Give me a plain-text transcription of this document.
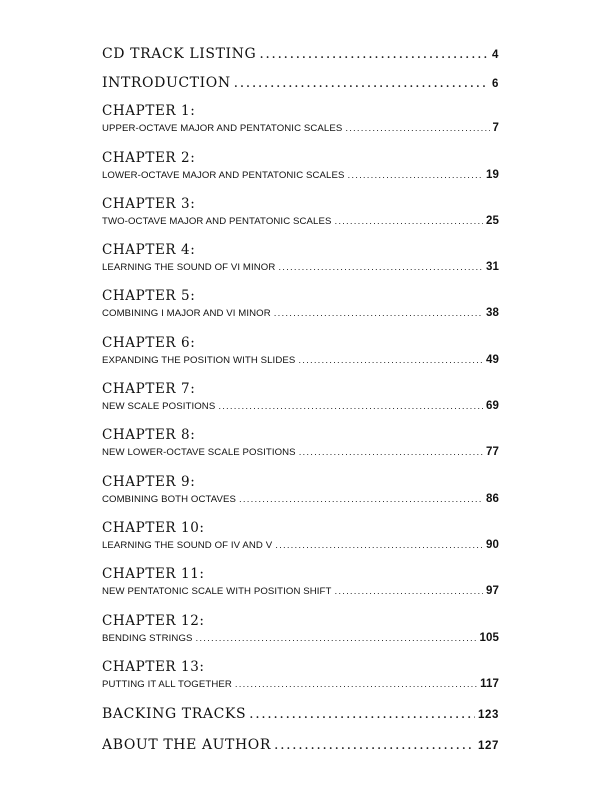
CD TRACK LISTING .....	4
INTRODUCTION .....	6
CHAPTER 1:
UPPER-OCTAVE MAJOR AND PENTATONIC SCALES .....	7
CHAPTER 2:
LOWER-OCTAVE MAJOR AND PENTATONIC SCALES .....	19
CHAPTER 3:
TWO-OCTAVE MAJOR AND PENTATONIC SCALES .....	25
CHAPTER 4:
LEARNING THE SOUND OF VI MINOR .....	31
CHAPTER 5:
COMBINING I MAJOR AND VI MINOR .....	38
CHAPTER 6:
EXPANDING THE POSITION WITH SLIDES .....	49
CHAPTER 7:
NEW SCALE POSITIONS .....	69
CHAPTER 8:
NEW LOWER-OCTAVE SCALE POSITIONS .....	77
CHAPTER 9:
COMBINING BOTH OCTAVES .....	86
CHAPTER 10:
LEARNING THE SOUND OF IV AND V .....	90
CHAPTER 11:
NEW PENTATONIC SCALE WITH POSITION SHIFT .....	97
CHAPTER 12:
BENDING STRINGS .....	105
CHAPTER 13:
PUTTING IT ALL TOGETHER .....	117
BACKING TRACKS .....	123
ABOUT THE AUTHOR .....	127
